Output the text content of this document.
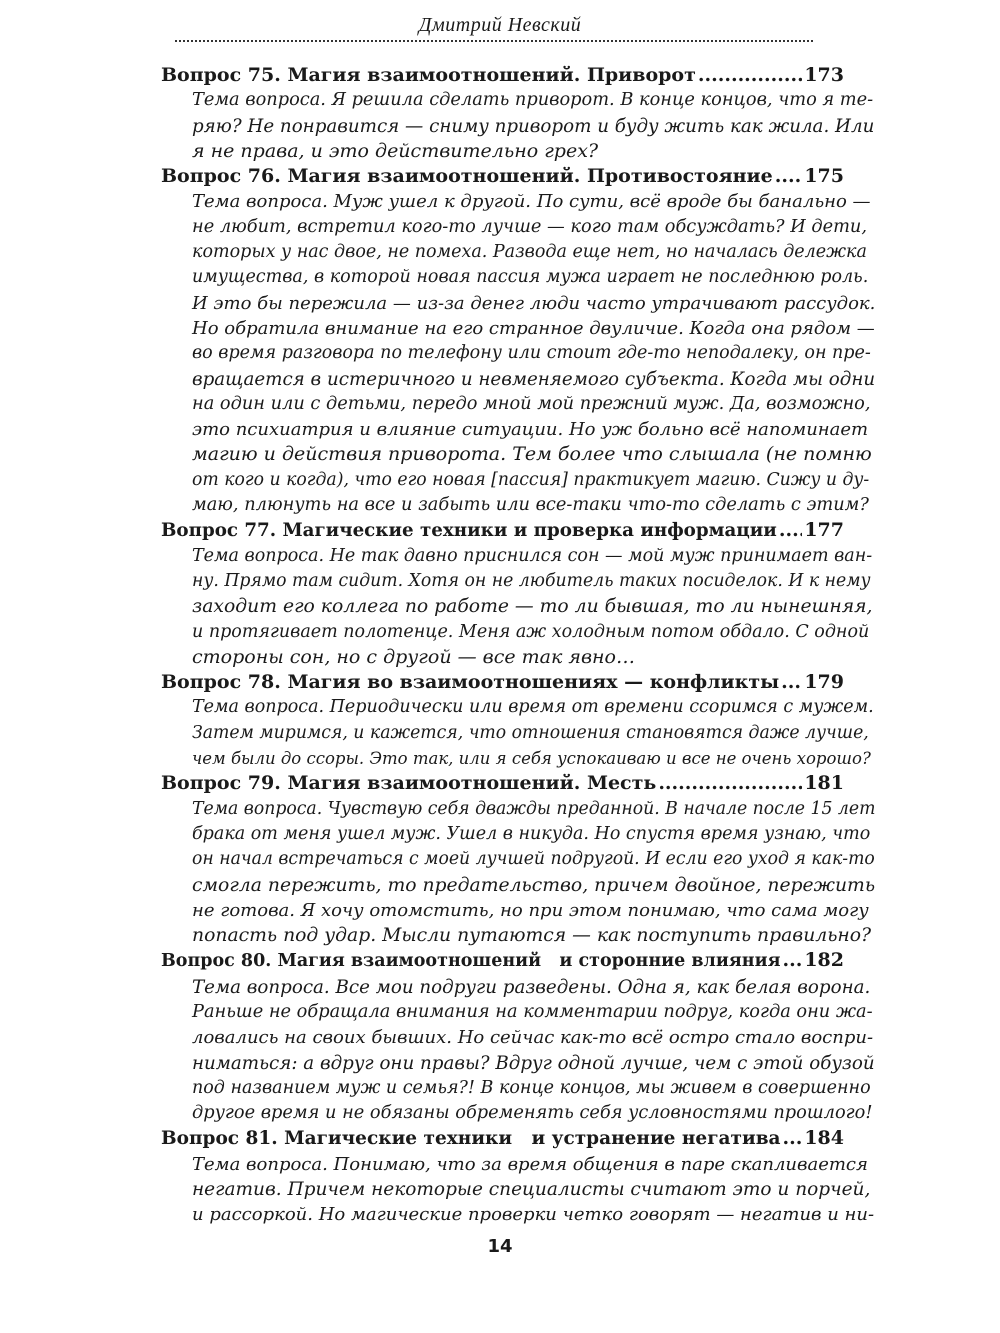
Дмитрий Невский
Вопрос 75. Магия взаимоотношений. Приворот .....	173
Тема вопроса. Я решила сделать приворот. В конце концов, что я те-
ряю? Не понравится — сниму приворот и буду жить как жила. Или
я не права, и это действительно грех?
Вопрос 76. Магия взаимоотношений. Противостояние ..... 175
Тема вопроса. Муж ушел к другой. По сути, всё вроде бы банально —
не любит, встретил кого-то лучше — кого там обсуждать? И дети,
которых у нас двое, не помеха. Развода еще нет, но началась дележка
имущества, в которой новая пассия мужа играет не последнюю роль.
И это бы пережила — из-за денег люди часто утрачивают рассудок.
Но обратила внимание на его странное двуличие. Когда она рядом —
во время разговора по телефону или стоит где-то неподалеку, он пре-
вращается в истеричного и невменяемого субъекта. Когда мы одни
на один или с детьми, передо мной мой прежний муж. Да, возможно,
это психиатрия и влияние ситуации. Но уж больно всё напоминает
магию и действия приворота. Тем более что слышала (не помню
от кого и когда), что его новая [пассия] практикует магию. Сижу и ду-
маю, плюнуть на все и забыть или все-таки что-то сделать с этим?
Вопрос 77. Магические техники и проверка информации ..... 177
Тема вопроса. Не так давно приснился сон — мой муж принимает ван-
ну. Прямо там сидит. Хотя он не любитель таких посиделок. И к нему
заходит его коллега по работе — то ли бывшая, то ли нынешняя,
и протягивает полотенце. Меня аж холодным потом обдало. С одной
стороны сон, но с другой — все так явно…
Вопрос 78. Магия во взаимоотношениях — конфликты ..... 179
Тема вопроса. Периодически или время от времени ссоримся с мужем.
Затем миримся, и кажется, что отношения становятся даже лучше,
чем были до ссоры. Это так, или я себя успокаиваю и все не очень хорошо?
Вопрос 79. Магия взаимоотношений. Месть .....	181
Тема вопроса. Чувствую себя дважды преданной. В начале после 15 лет
брака от меня ушел муж. Ушел в никуда. Но спустя время узнаю, что
он начал встречаться с моей лучшей подругой. И если его уход я как-то
смогла пережить, то предательство, причем двойное, пережить
не готова. Я хочу отомстить, но при этом понимаю, что сама могу
попасть под удар. Мысли путаются — как поступить правильно?
Вопрос 80. Магия взаимоотношений   и сторонние влияния ..... 182
Тема вопроса. Все мои подруги разведены. Одна я, как белая ворона.
Раньше не обращала внимания на комментарии подруг, когда они жа-
ловались на своих бывших. Но сейчас как-то всё остро стало воспри-
ниматься: а вдруг они правы? Вдруг одной лучше, чем с этой обузой
под названием муж и семья?! В конце концов, мы живем в совершенно
другое время и не обязаны обременять себя условностями прошлого!
Вопрос 81. Магические техники   и устранение негатива ..... 184
Тема вопроса. Понимаю, что за время общения в паре скапливается
негатив. Причем некоторые специалисты считают это и порчей,
и рассоркой. Но магические проверки четко говорят — негатив и ни-
14
